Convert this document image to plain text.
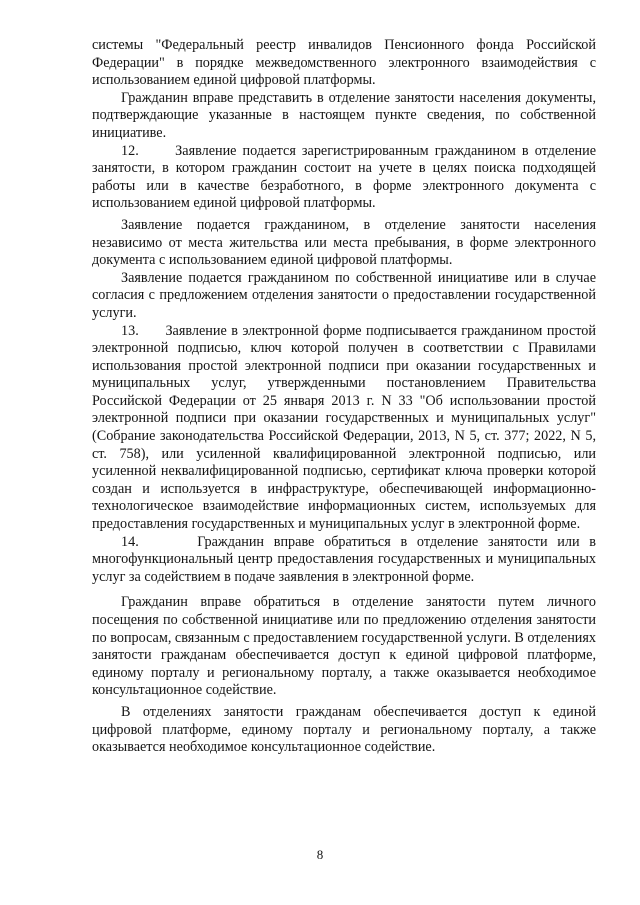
системы "Федеральный реестр инвалидов Пенсионного фонда Российской Федерации" в порядке межведомственного электронного взаимодействия с использованием единой цифровой платформы.

Гражданин вправе представить в отделение занятости населения документы, подтверждающие указанные в настоящем пункте сведения, по собственной инициативе.

12.      Заявление подается зарегистрированным гражданином в отделение занятости, в котором гражданин состоит на учете в целях поиска подходящей работы или в качестве безработного, в форме электронного документа с использованием единой цифровой платформы.

Заявление подается гражданином, в отделение занятости населения независимо от места жительства или места пребывания, в форме электронного документа с использованием единой цифровой платформы.

Заявление подается гражданином по собственной инициативе или в случае согласия с предложением отделения занятости о предоставлении государственной услуги.

13.      Заявление в электронной форме подписывается гражданином простой электронной подписью, ключ которой получен в соответствии с Правилами использования простой электронной подписи при оказании государственных и муниципальных услуг, утвержденными постановлением Правительства Российской Федерации от 25 января 2013 г. N 33 "Об использовании простой электронной подписи при оказании государственных и муниципальных услуг" (Собрание законодательства Российской Федерации, 2013, N 5, ст. 377; 2022, N 5, ст. 758), или усиленной квалифицированной электронной подписью, или усиленной неквалифицированной подписью, сертификат ключа проверки которой создан и используется в инфраструктуре, обеспечивающей информационно-технологическое взаимодействие информационных систем, используемых для предоставления государственных и муниципальных услуг в электронной форме.

14.      Гражданин вправе обратиться в отделение занятости или в многофункциональный центр предоставления государственных и муниципальных услуг за содействием в подаче заявления в электронной форме.

Гражданин вправе обратиться в отделение занятости путем личного посещения по собственной инициативе или по предложению отделения занятости по вопросам, связанным с предоставлением государственной услуги. В отделениях занятости гражданам обеспечивается доступ к единой цифровой платформе, единому порталу и региональному порталу, а также оказывается необходимое консультационное содействие.

В отделениях занятости гражданам обеспечивается доступ к единой цифровой платформе, единому порталу и региональному порталу, а также оказывается необходимое консультационное содействие.

8
